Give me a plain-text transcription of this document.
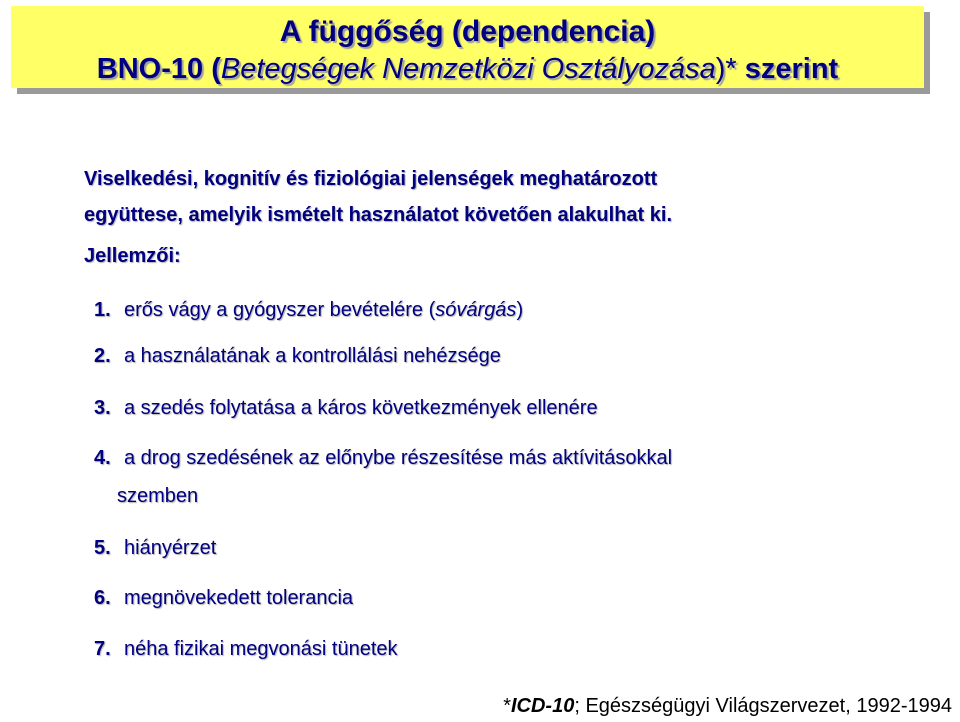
A függőség (dependencia)
BNO-10 (Betegségek Nemzetközi Osztályozása)* szerint
Viselkedési, kognitív és fiziológiai jelenségek meghatározott
együttese, amelyik ismételt használatot követően alakulhat ki.
Jellemzői:
1. erős vágy a gyógyszer bevételére (sóvárgás)
2. a használatának a kontrollálási nehézsége
3. a szedés folytatása a káros következmények ellenére
4. a drog szedésének az előnybe részesítése más aktívitásokkal
szemben
5. hiányérzet
6. megnövekedett tolerancia
7. néha fizikai megvonási tünetek
*ICD-10; Egészségügyi Világszervezet, 1992-1994
